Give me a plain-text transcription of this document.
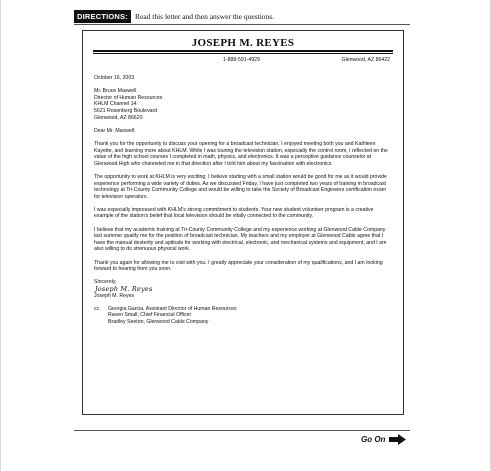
DIRECTIONS: Read this letter and then answer the questions.
JOSEPH M. REYES
1-888-591-4929	Glenwood, AZ 86422

October 16, 2003

Mr. Bruce Maxwell
Director of Human Resources
KHLM Channel 14
5621 Rosenberg Boulevard
Glenwood, AZ 86620

Dear Mr. Maxwell:

Thank you for the opportunity to discuss your opening for a broadcast technician. I enjoyed meeting both you and Kathleen Kayette, and learning more about KHLM. While I was touring the television station, especially the control room, I reflected on the value of the high school courses I completed in math, physics, and electronics. It was a perceptive guidance counselor at Glenwood High who channeled me in that direction after I told him about my fascination with electronics.

The opportunity to work at KHLM is very exciting. I believe starting with a small station would be good for me as it would provide experience performing a wide variety of duties. As we discussed Friday, I have just completed two years of training in broadcast technology at Tri-County Community College and would be willing to take the Society of Broadcast Engineers certification exam for television operators.

I was especially impressed with KHLM's strong commitment to students. Your new student volunteer program is a creative example of the station's belief that local television should be vitally connected to the community.

I believe that my academic training at Tri-County Community College and my experience working at Glenwood Cable Company last summer qualify me for the position of broadcast technician. My teachers and my employer at Glenwood Cable agree that I have the manual dexterity and aptitude for working with electrical, electronic, and mechanical systems and equipment, and I am also willing to do strenuous physical work.

Thank you again for allowing me to visit with you. I greatly appreciate your consideration of my qualifications, and I am looking forward to hearing from you soon.

Sincerely,
Joseph M. Reyes
Joseph M. Reyes
cc.	Georgia Garcia, Assistant Director of Human Resources
Raven Small, Chief Financial Officer
Bradley Seeton, Glenwood Cable Company
Go On
